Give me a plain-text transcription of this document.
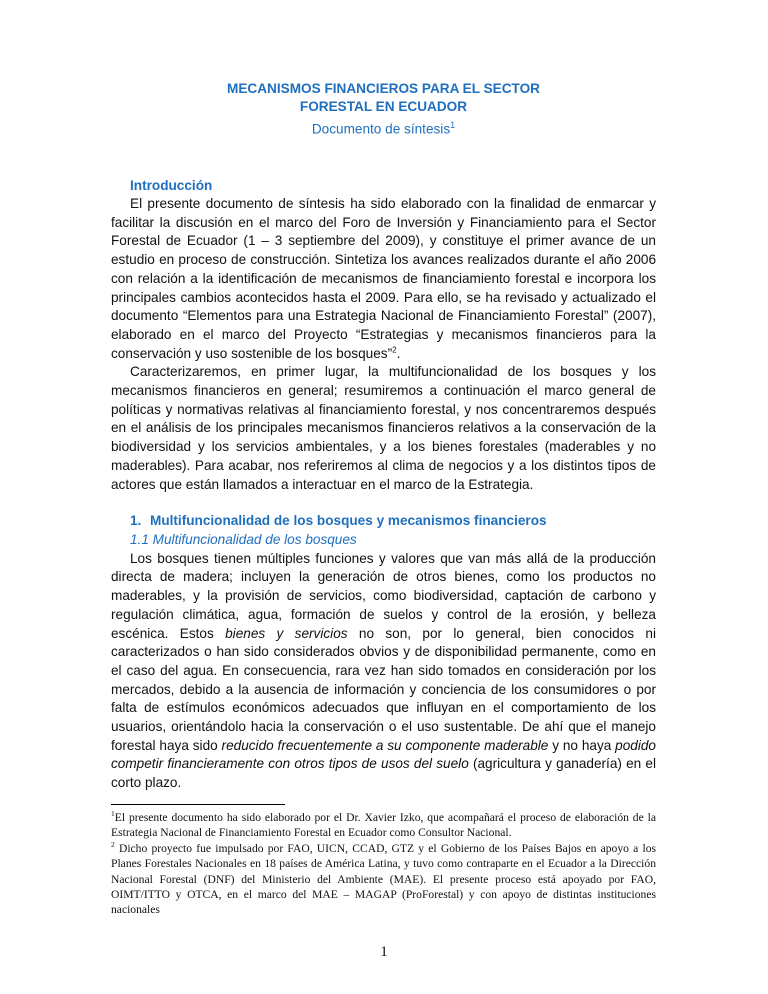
MECANISMOS FINANCIEROS PARA EL SECTOR
FORESTAL EN ECUADOR
Documento de síntesis$^1$
Introducción

El presente documento de síntesis ha sido elaborado con la finalidad de enmarcar y facilitar la discusión en el marco del Foro de Inversión y Financiamiento para el Sector Forestal de Ecuador (1 – 3 septiembre del 2009), y constituye el primer avance de un estudio en proceso de construcción. Sintetiza los avances realizados durante el año 2006 con relación a la identificación de mecanismos de financiamiento forestal e incorpora los principales cambios acontecidos hasta el 2009. Para ello, se ha revisado y actualizado el documento “Elementos para una Estrategia Nacional de Financiamiento Forestal” (2007), elaborado en el marco del Proyecto “Estrategias y mecanismos financieros para la conservación y uso sostenible de los bosques”$^2$.

Caracterizaremos, en primer lugar, la multifuncionalidad de los bosques y los mecanismos financieros en general; resumiremos a continuación el marco general de políticas y normativas relativas al financiamiento forestal, y nos concentraremos después en el análisis de los principales mecanismos financieros relativos a la conservación de la biodiversidad y los servicios ambientales, y a los bienes forestales (maderables y no maderables). Para acabar, nos referiremos al clima de negocios y a los distintos tipos de actores que están llamados a interactuar en el marco de la Estrategia.

1. Multifuncionalidad de los bosques y mecanismos financieros
1.1 Multifuncionalidad de los bosques

Los bosques tienen múltiples funciones y valores que van más allá de la producción directa de madera; incluyen la generación de otros bienes, como los productos no maderables, y la provisión de servicios, como biodiversidad, captación de carbono y regulación climática, agua, formación de suelos y control de la erosión, y belleza escénica. Estos bienes y servicios no son, por lo general, bien conocidos ni caracterizados o han sido considerados obvios y de disponibilidad permanente, como en el caso del agua. En consecuencia, rara vez han sido tomados en consideración por los mercados, debido a la ausencia de información y conciencia de los consumidores o por falta de estímulos económicos adecuados que influyan en el comportamiento de los usuarios, orientándolo hacia la conservación o el uso sustentable. De ahí que el manejo forestal haya sido reducido frecuentemente a su componente maderable y no haya podido competir financieramente con otros tipos de usos del suelo (agricultura y ganadería) en el corto plazo.

$^1$El presente documento ha sido elaborado por el Dr. Xavier Izko, que acompañará el proceso de elaboración de la Estrategia Nacional de Financiamiento Forestal en Ecuador como Consultor Nacional.

$^2$ Dicho proyecto fue impulsado por FAO, UICN, CCAD, GTZ y el Gobierno de los Países Bajos en apoyo a los Planes Forestales Nacionales en 18 países de América Latina, y tuvo como contraparte en el Ecuador a la Dirección Nacional Forestal (DNF) del Ministerio del Ambiente (MAE). El presente proceso está apoyado por FAO, OIMT/ITTO y OTCA, en el marco del MAE – MAGAP (ProForestal) y con apoyo de distintas instituciones nacionales

1
